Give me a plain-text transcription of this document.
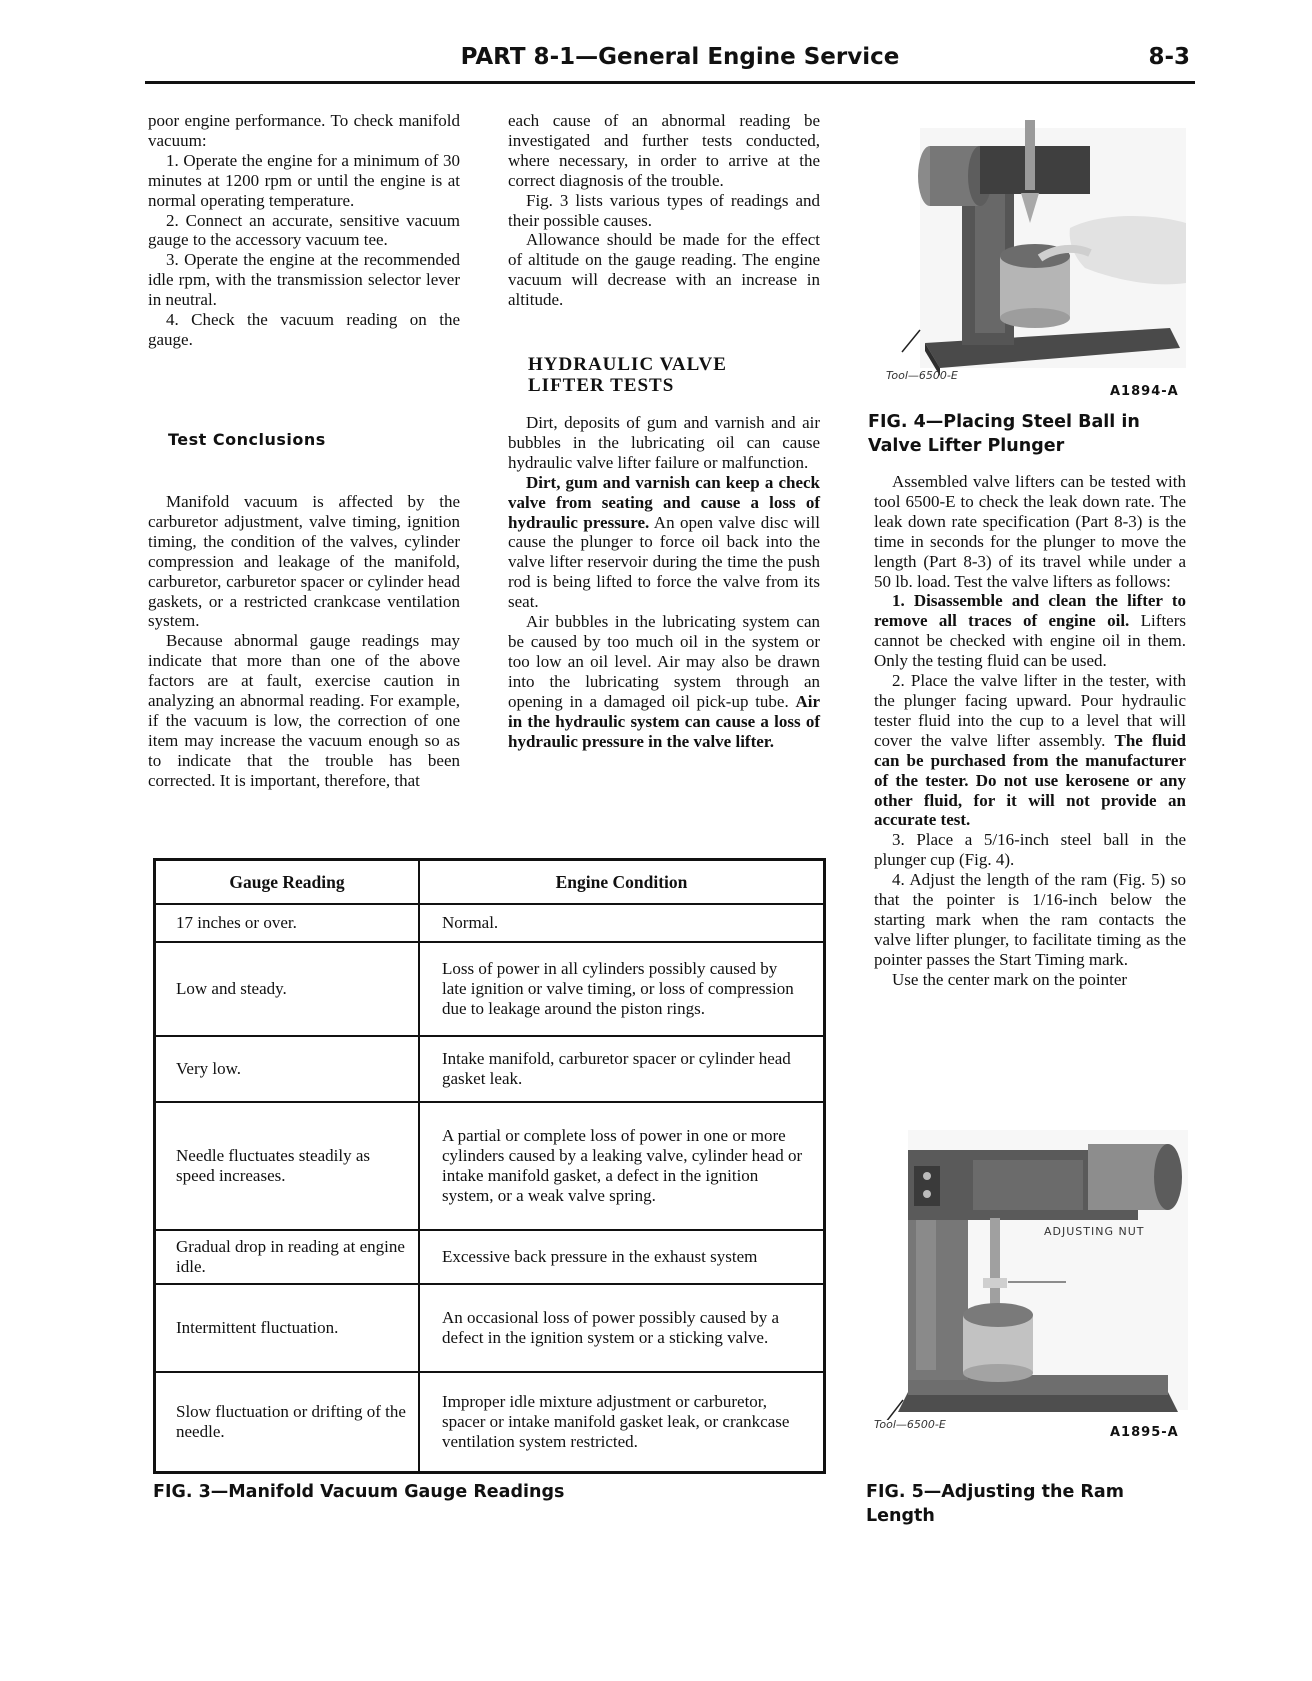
PART 8-1—General Engine Service	8-3

poor engine performance. To check manifold vacuum:

1. Operate the engine for a minimum of 30 minutes at 1200 rpm or until the engine is at normal operating temperature.

2. Connect an accurate, sensitive vacuum gauge to the accessory vacuum tee.

3. Operate the engine at the recommended idle rpm, with the transmission selector lever in neutral.

4. Check the vacuum reading on the gauge.

Test Conclusions

Manifold vacuum is affected by the carburetor adjustment, valve timing, ignition timing, the condition of the valves, cylinder compression and leakage of the manifold, carburetor, carburetor spacer or cylinder head gaskets, or a restricted crankcase ventilation system.

Because abnormal gauge readings may indicate that more than one of the above factors are at fault, exercise caution in analyzing an abnormal reading. For example, if the vacuum is low, the correction of one item may increase the vacuum enough so as to indicate that the trouble has been corrected. It is important, therefore, that

each cause of an abnormal reading be investigated and further tests conducted, where necessary, in order to arrive at the correct diagnosis of the trouble.

Fig. 3 lists various types of readings and their possible causes.

Allowance should be made for the effect of altitude on the gauge reading. The engine vacuum will decrease with an increase in altitude.

HYDRAULIC VALVE
LIFTER TESTS

Dirt, deposits of gum and varnish and air bubbles in the lubricating oil can cause hydraulic valve lifter failure or malfunction.

Dirt, gum and varnish can keep a check valve from seating and cause a loss of hydraulic pressure. An open valve disc will cause the plunger to force oil back into the valve lifter reservoir during the time the push rod is being lifted to force the valve from its seat.

Air bubbles in the lubricating system can be caused by too much oil in the system or too low an oil level. Air may also be drawn into the lubricating system through an opening in a damaged oil pick-up tube. Air in the hydraulic system can cause a loss of hydraulic pressure in the valve lifter.

Tool—6500-E
A1894-A
FIG. 4—Placing Steel Ball in Valve Lifter Plunger

Assembled valve lifters can be tested with tool 6500-E to check the leak down rate. The leak down rate specification (Part 8-3) is the time in seconds for the plunger to move the length (Part 8-3) of its travel while under a 50 lb. load. Test the valve lifters as follows:

1. Disassemble and clean the lifter to remove all traces of engine oil. Lifters cannot be checked with engine oil in them. Only the testing fluid can be used.

2. Place the valve lifter in the tester, with the plunger facing upward. Pour hydraulic tester fluid into the cup to a level that will cover the valve lifter assembly. The fluid can be purchased from the manufacturer of the tester. Do not use kerosene or any other fluid, for it will not provide an accurate test.

3. Place a 5/16-inch steel ball in the plunger cup (Fig. 4).

4. Adjust the length of the ram (Fig. 5) so that the pointer is 1/16-inch below the starting mark when the ram contacts the valve lifter plunger, to facilitate timing as the pointer passes the Start Timing mark.

Use the center mark on the pointer

ADJUSTING NUT
Tool—6500-E
A1895-A
FIG. 5—Adjusting the Ram Length
Gauge Reading	Engine Condition
17 inches or over.	Normal.
Low and steady.	Loss of power in all cylinders possibly caused by late ignition or valve timing, or loss of compression due to leakage around the piston rings.
Very low.	Intake manifold, carburetor spacer or cylinder head gasket leak.
Needle fluctuates steadily as speed increases.	A partial or complete loss of power in one or more cylinders caused by a leaking valve, cylinder head or intake manifold gasket, a defect in the ignition system, or a weak valve spring.
Gradual drop in reading at engine idle.	Excessive back pressure in the exhaust system
Intermittent fluctuation.	An occasional loss of power possibly caused by a defect in the ignition system or a sticking valve.
Slow fluctuation or drifting of the needle.	Improper idle mixture adjustment or carburetor, spacer or intake manifold gasket leak, or crankcase ventilation system restricted.
FIG. 3—Manifold Vacuum Gauge Readings
